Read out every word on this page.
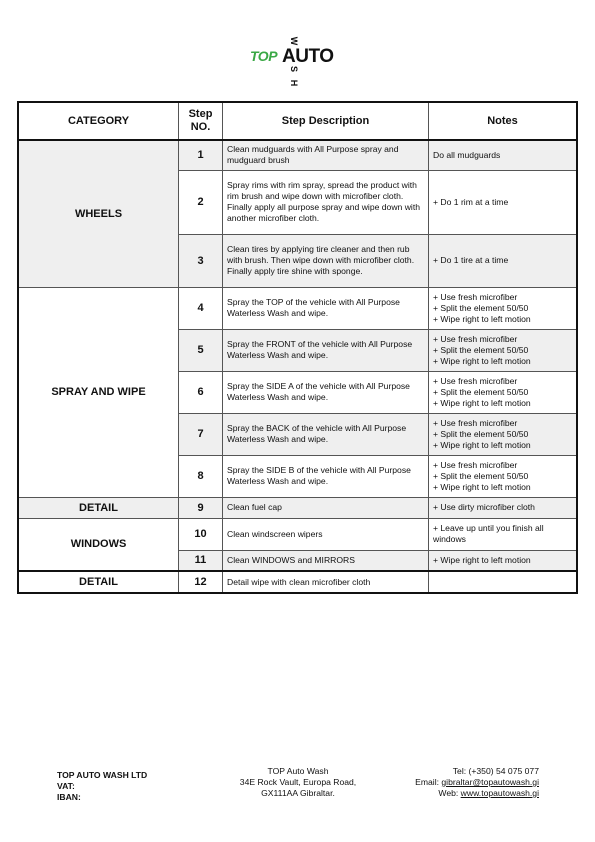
TOP AUTO
W
S
H
CATEGORY	Step NO.	Step Description	Notes
WHEELS	1	Clean mudguards with All Purpose spray and mudguard brush	Do all mudguards
	2	Spray rims with rim spray, spread the product with rim brush and wipe down with microfiber cloth. Finally apply all purpose spray and wipe down with another microfiber cloth.	+ Do 1 rim at a time
	3	Clean tires by applying tire cleaner and then rub with brush. Then wipe down with microfiber cloth. Finally apply tire shine with sponge.	+ Do 1 tire at a time
SPRAY AND WIPE	4	Spray the TOP of the vehicle with All Purpose Waterless Wash and wipe.	+ Use fresh microfiber
+ Split the element 50/50
+ Wipe right to left motion

	5	Spray the FRONT of the vehicle with All Purpose Waterless Wash and wipe.	+ Use fresh microfiber
+ Split the element 50/50
+ Wipe right to left motion

	6	Spray the SIDE A of the vehicle with All Purpose Waterless Wash and wipe.	+ Use fresh microfiber
+ Split the element 50/50
+ Wipe right to left motion

	7	Spray the BACK of the vehicle with All Purpose Waterless Wash and wipe.	+ Use fresh microfiber
+ Split the element 50/50
+ Wipe right to left motion

	8	Spray the SIDE B of the vehicle with All Purpose Waterless Wash and wipe.	+ Use fresh microfiber
+ Split the element 50/50
+ Wipe right to left motion

DETAIL	9	Clean fuel cap	+ Use dirty microfiber cloth
WINDOWS	10	Clean windscreen wipers	+ Leave up until you finish all windows
	11	Clean WINDOWS and MIRRORS	+ Wipe right to left motion
DETAIL	12	Detail wipe with clean microfiber cloth	
TOP AUTO WASH LTD
VAT:
IBAN:
TOP Auto Wash
34E Rock Vault, Europa Road,
GX111AA Gibraltar.
Tel: (+350) 54 075 077
Email: gibraltar@topautowash.gi
Web: www.topautowash.gi
